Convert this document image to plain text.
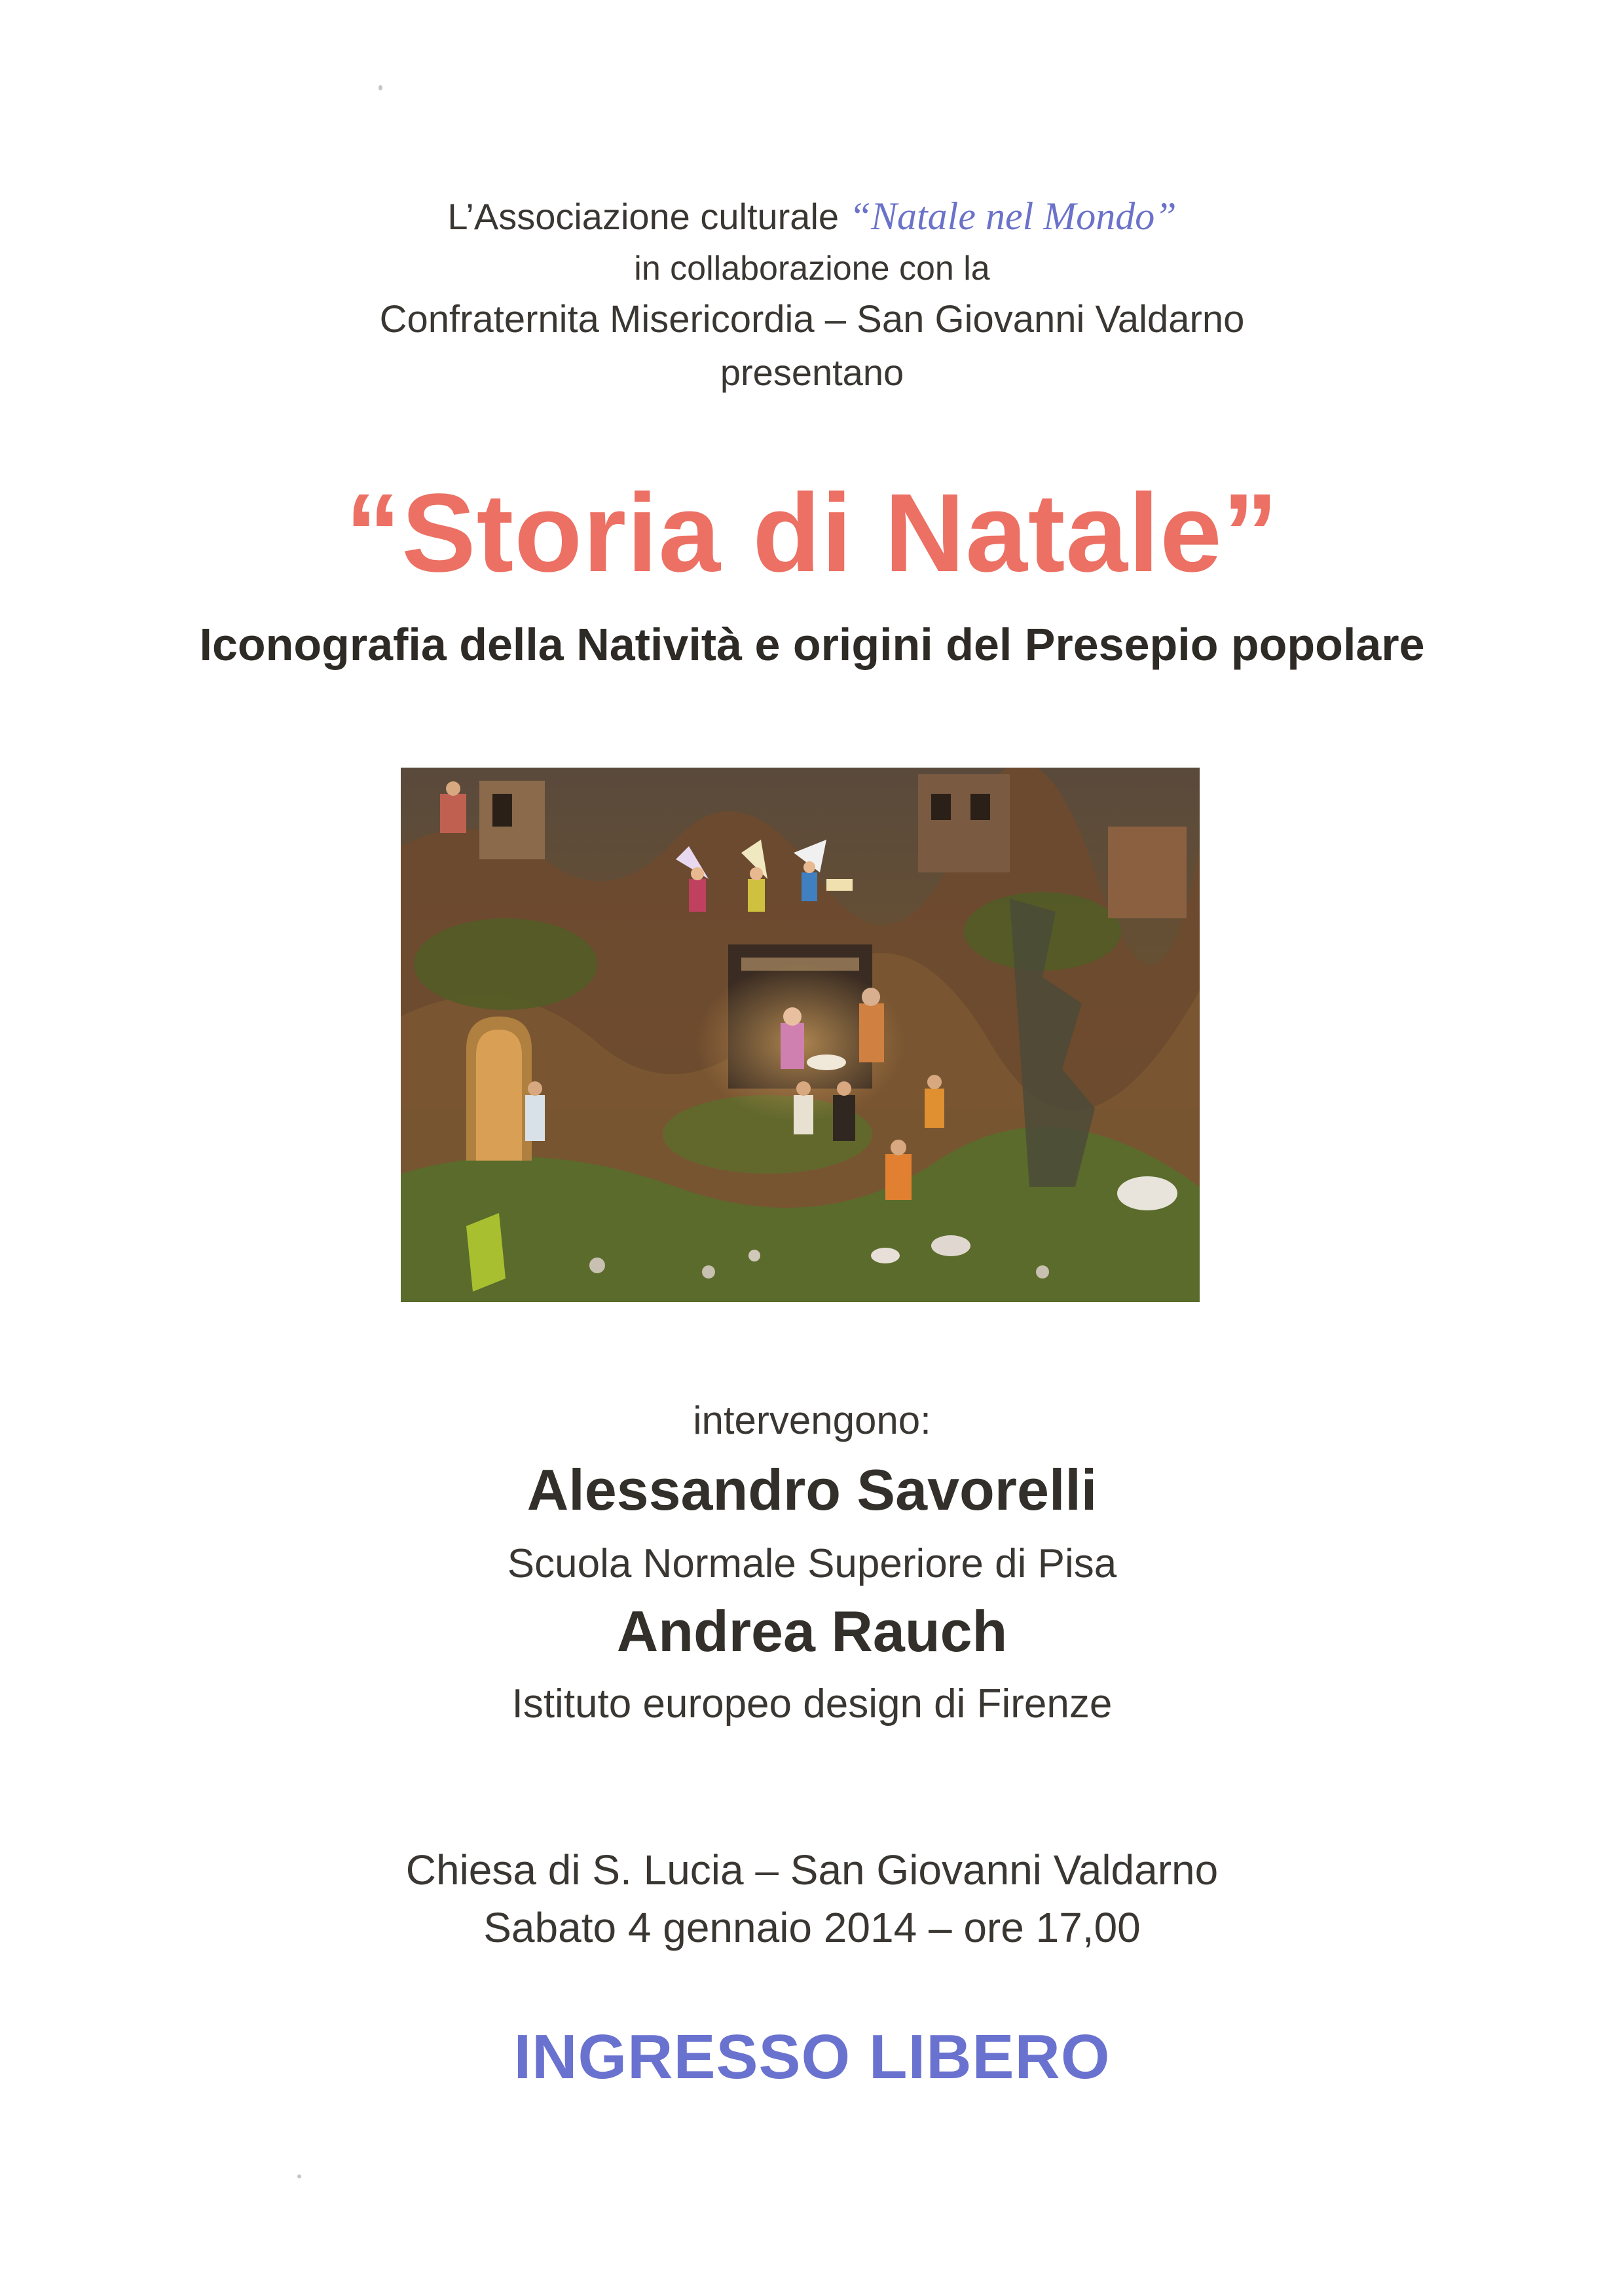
L’Associazione culturale “Natale nel Mondo”
in collaborazione con la
Confraternita Misericordia – San Giovanni Valdarno
presentano
“Storia di Natale”
Iconografia della Natività e origini del Presepio popolare
intervengono:
Alessandro Savorelli
Scuola Normale Superiore di Pisa
Andrea Rauch
Istituto europeo design di Firenze
Chiesa di S. Lucia – San Giovanni Valdarno
Sabato 4 gennaio 2014 – ore 17,00
INGRESSO LIBERO
